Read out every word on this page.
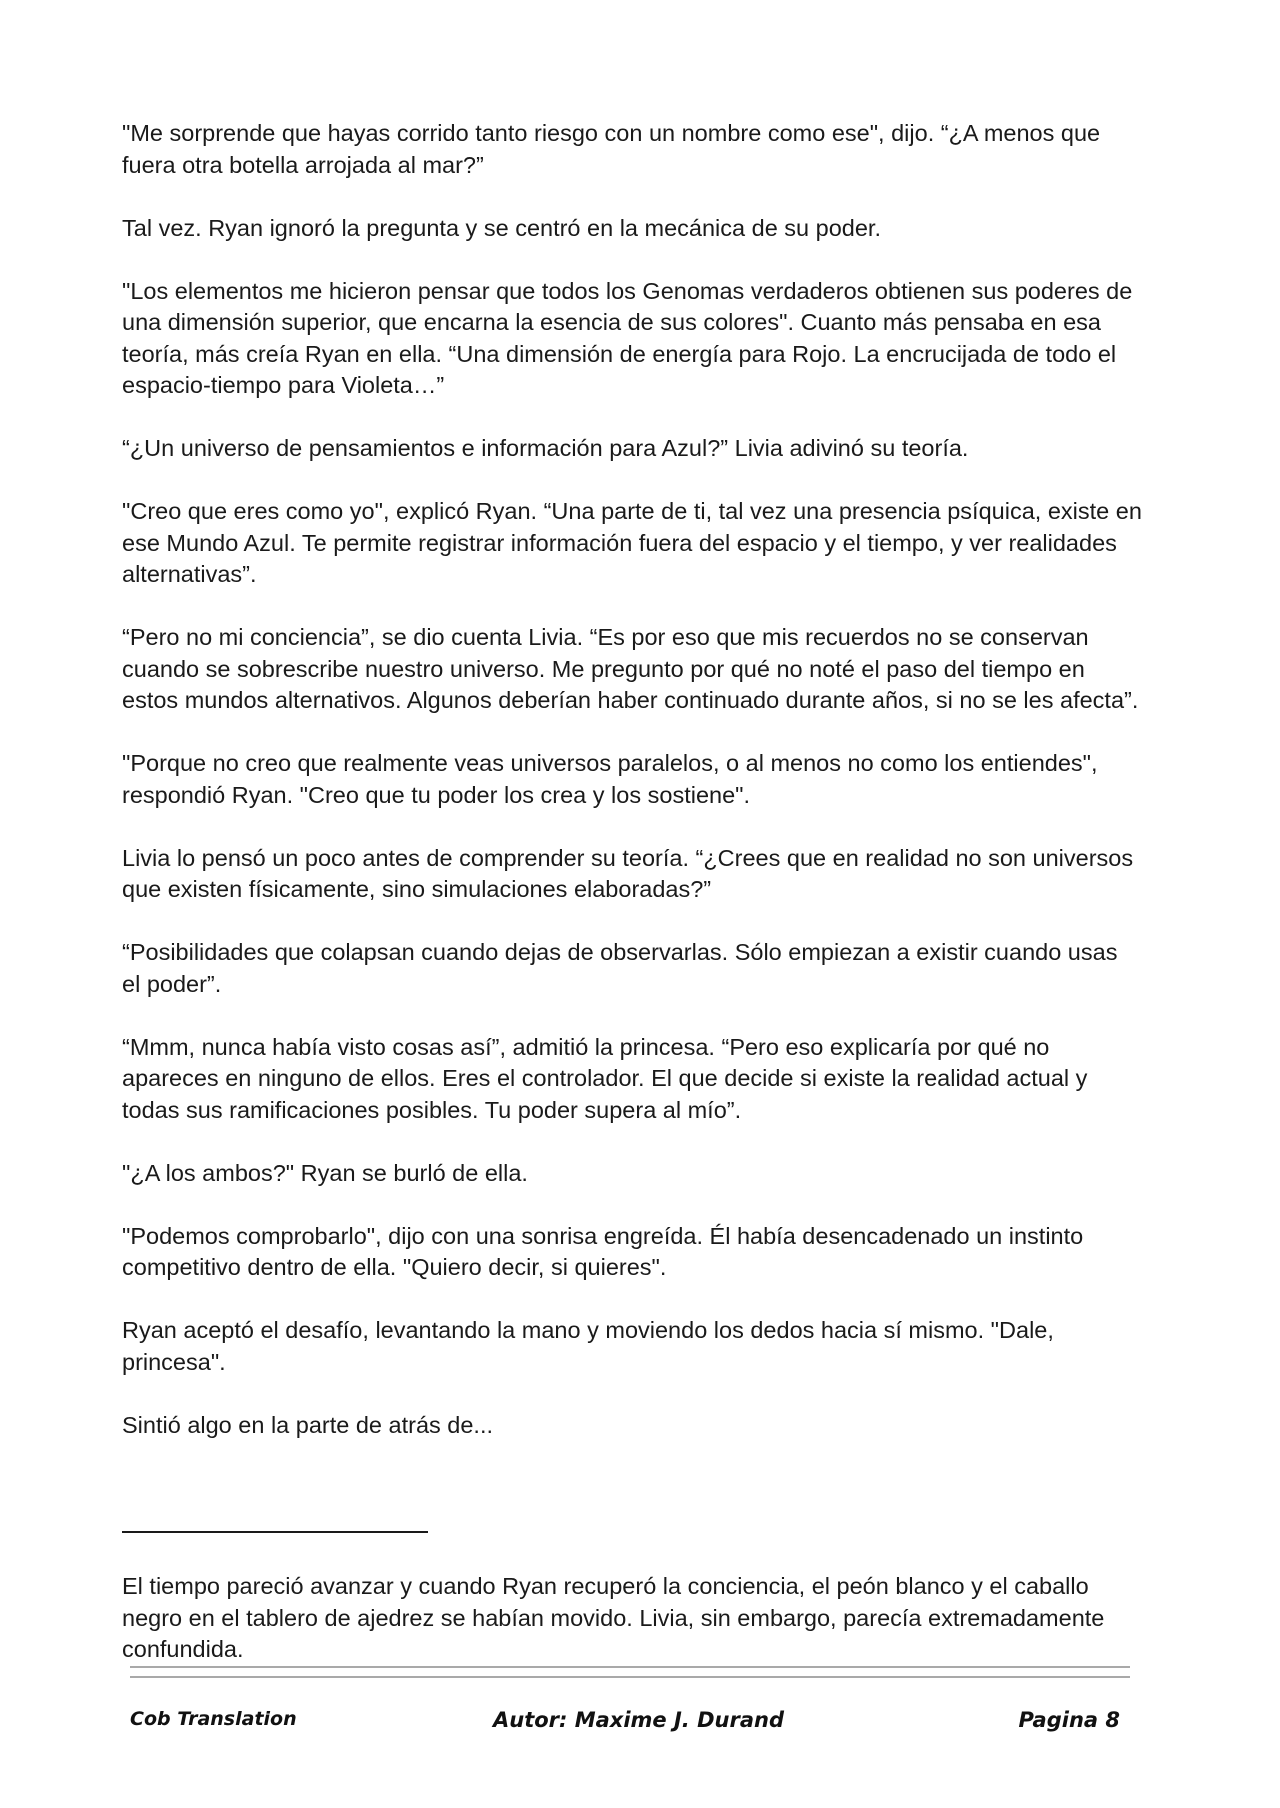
"Me sorprende que hayas corrido tanto riesgo con un nombre como ese", dijo. “¿A menos que fuera otra botella arrojada al mar?”

Tal vez. Ryan ignoró la pregunta y se centró en la mecánica de su poder.

"Los elementos me hicieron pensar que todos los Genomas verdaderos obtienen sus poderes de una dimensión superior, que encarna la esencia de sus colores". Cuanto más pensaba en esa teoría, más creía Ryan en ella. “Una dimensión de energía para Rojo. La encrucijada de todo el espacio-tiempo para Violeta…”

“¿Un universo de pensamientos e información para Azul?” Livia adivinó su teoría.

"Creo que eres como yo", explicó Ryan. “Una parte de ti, tal vez una presencia psíquica, existe en ese Mundo Azul. Te permite registrar información fuera del espacio y el tiempo, y ver realidades alternativas”.

“Pero no mi conciencia”, se dio cuenta Livia. “Es por eso que mis recuerdos no se conservan cuando se sobrescribe nuestro universo. Me pregunto por qué no noté el paso del tiempo en estos mundos alternativos. Algunos deberían haber continuado durante años, si no se les afecta”.

"Porque no creo que realmente veas universos paralelos, o al menos no como los entiendes", respondió Ryan. "Creo que tu poder los crea y los sostiene".

Livia lo pensó un poco antes de comprender su teoría. “¿Crees que en realidad no son universos que existen físicamente, sino simulaciones elaboradas?”

“Posibilidades que colapsan cuando dejas de observarlas. Sólo empiezan a existir cuando usas el poder”.

“Mmm, nunca había visto cosas así”, admitió la princesa. “Pero eso explicaría por qué no apareces en ninguno de ellos. Eres el controlador. El que decide si existe la realidad actual y todas sus ramificaciones posibles. Tu poder supera al mío”.

"¿A los ambos?" Ryan se burló de ella.

"Podemos comprobarlo", dijo con una sonrisa engreída. Él había desencadenado un instinto competitivo dentro de ella. "Quiero decir, si quieres".

Ryan aceptó el desafío, levantando la mano y moviendo los dedos hacia sí mismo. "Dale, princesa".

Sintió algo en la parte de atrás de...

El tiempo pareció avanzar y cuando Ryan recuperó la conciencia, el peón blanco y el caballo negro en el tablero de ajedrez se habían movido. Livia, sin embargo, parecía extremadamente confundida.

Cob Translation	Autor: Maxime J. Durand	Pagina 8
